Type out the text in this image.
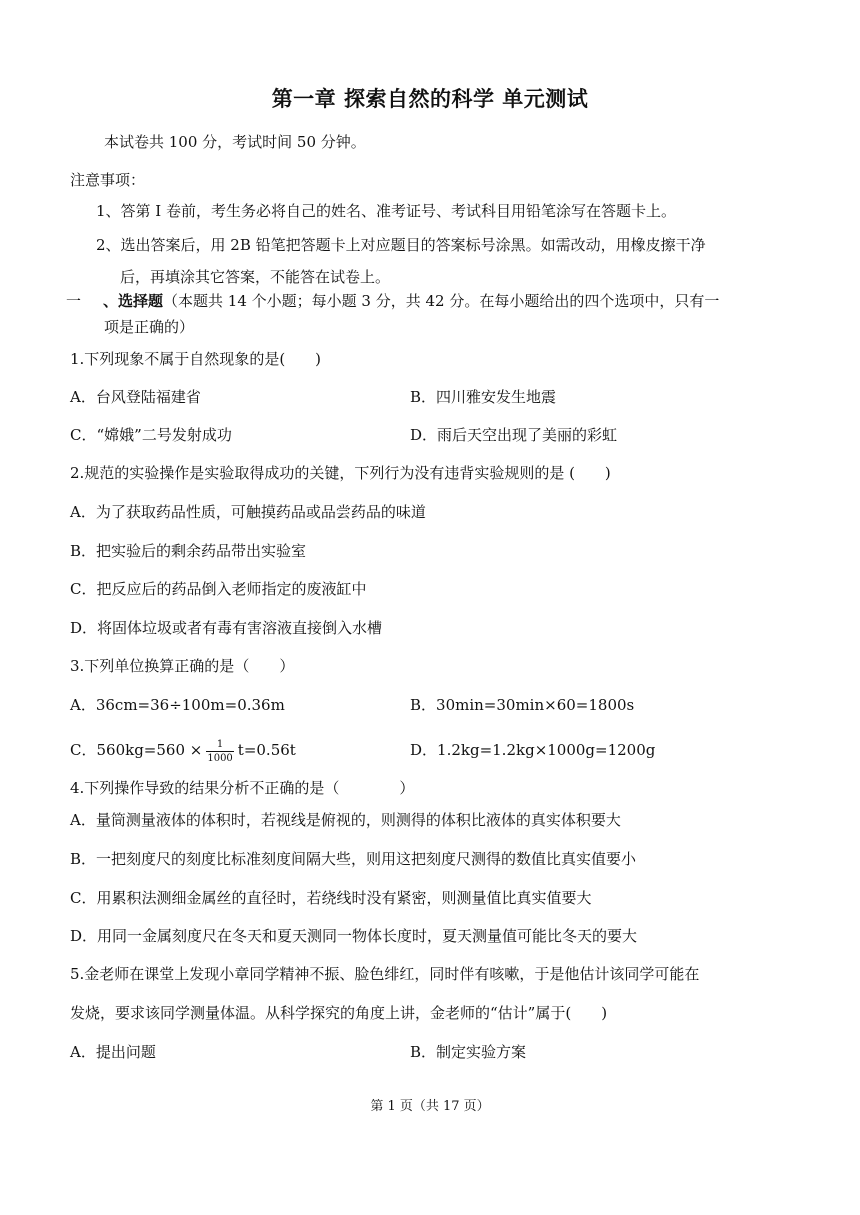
第一章 探索自然的科学 单元测试
本试卷共 100 分，考试时间 50 分钟。
注意事项：
1、答第 I 卷前，考生务必将自己的姓名、准考证号、考试科目用铅笔涂写在答题卡上。
2、选出答案后，用 2B 铅笔把答题卡上对应题目的答案标号涂黑。如需改动，用橡皮擦干净
后，再填涂其它答案，不能答在试卷上。
一 、选择题（本题共 14 个小题；每小题 3 分，共 42 分。在每小题给出的四个选项中，只有一
项是正确的）
1.下列现象不属于自然现象的是(　　)
A．台风登陆福建省	B．四川雅安发生地震
C．“嫦娥”二号发射成功	D．雨后天空出现了美丽的彩虹
2.规范的实验操作是实验取得成功的关键，下列行为没有违背实验规则的是 (　　)
A．为了获取药品性质，可触摸药品或品尝药品的味道
B．把实验后的剩余药品带出实验室
C．把反应后的药品倒入老师指定的废液缸中
D．将固体垃圾或者有毒有害溶液直接倒入水槽
3.下列单位换算正确的是（　　）
A．36cm=36÷100m=0.36m	B．30min=30min×60=1800s
C．$560kg=560 \times \frac{1}{1000} t=0.56t$	D．1.2kg=1.2kg×1000g=1200g
4.下列操作导致的结果分析不正确的是（　　　　）
A．量筒测量液体的体积时，若视线是俯视的，则测得的体积比液体的真实体积要大
B．一把刻度尺的刻度比标准刻度间隔大些，则用这把刻度尺测得的数值比真实值要小
C．用累积法测细金属丝的直径时，若绕线时没有紧密，则测量值比真实值要大
D．用同一金属刻度尺在冬天和夏天测同一物体长度时，夏天测量值可能比冬天的要大
5.金老师在课堂上发现小章同学精神不振、脸色绯红，同时伴有咳嗽，于是他估计该同学可能在
发烧，要求该同学测量体温。从科学探究的角度上讲，金老师的“估计”属于(　　)
A．提出问题	B．制定实验方案
第 1 页（共 17 页）
